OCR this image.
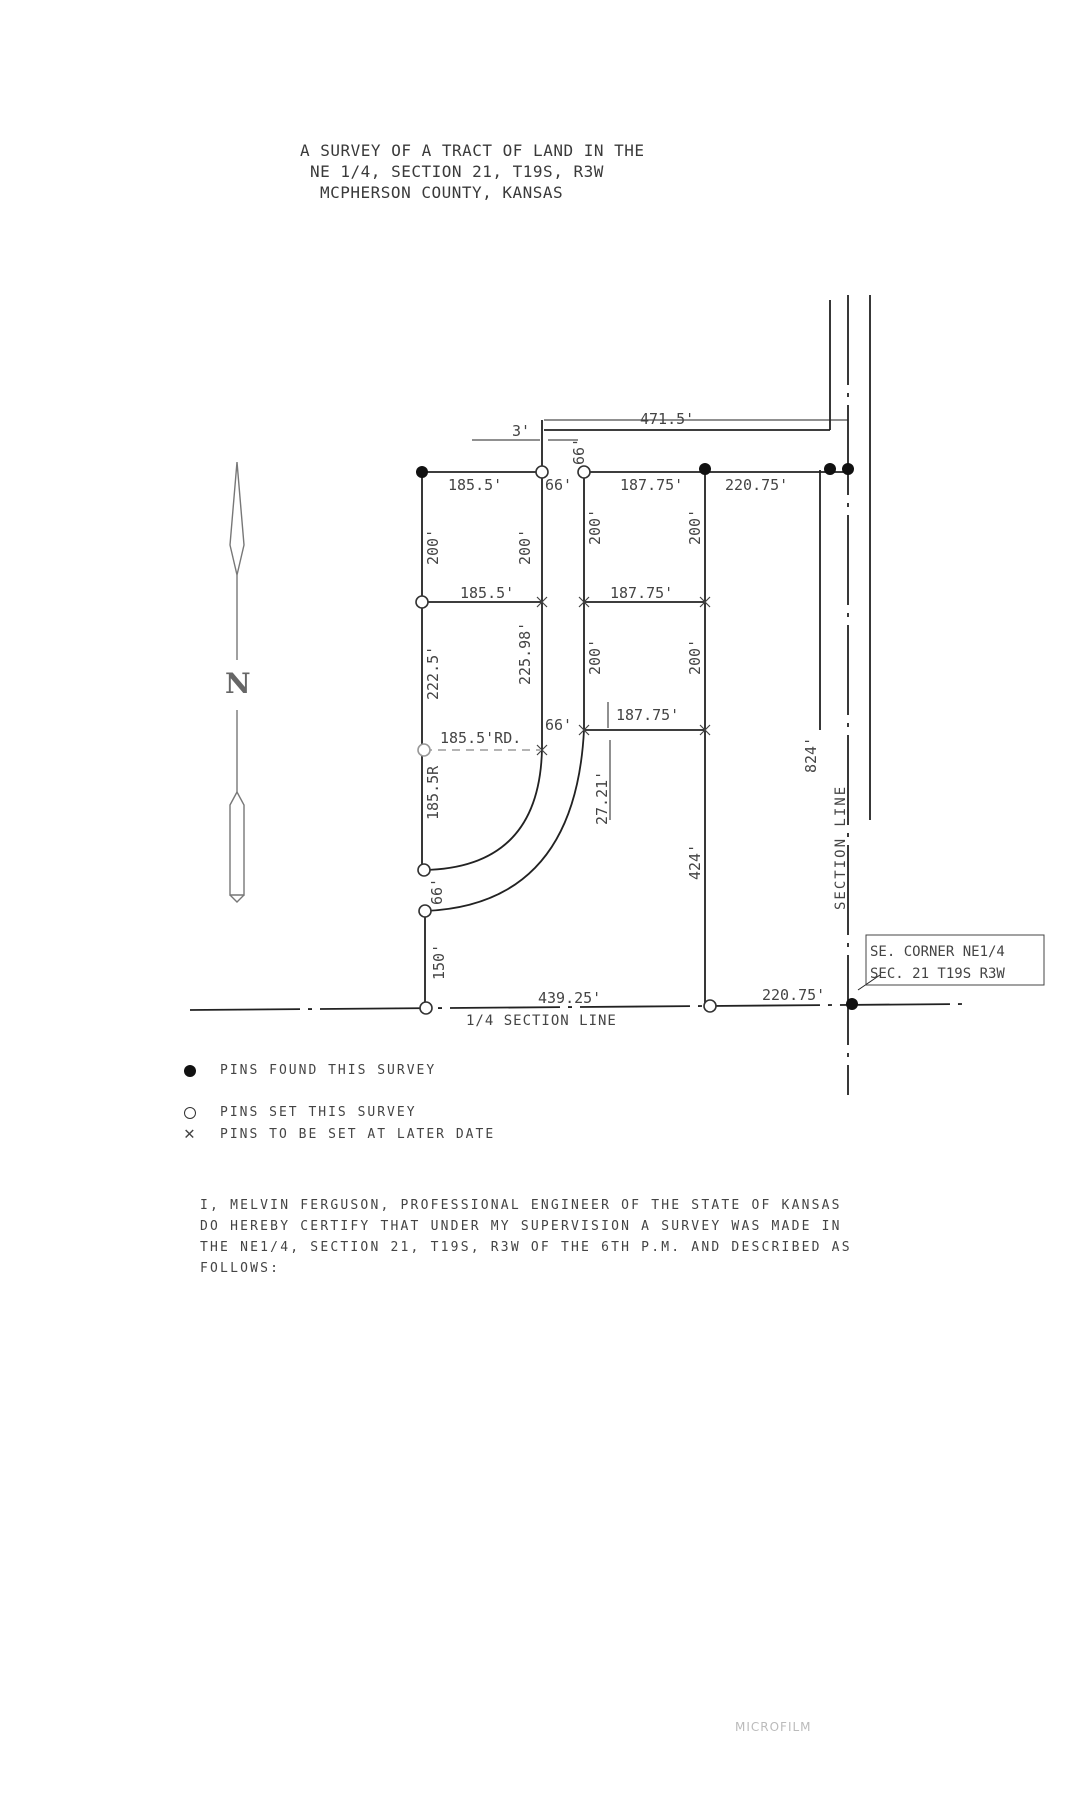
A SURVEY OF A TRACT OF LAND IN THE
NE 1/4, SECTION 21, T19S, R3W
MCPHERSON COUNTY, KANSAS
N
471.5'
3'
185.5'	66'	187.75'	220.75'
185.5'	187.75'
66'
187.75'
185.5'RD.
439.25'	220.75'
1/4 SECTION LINE
SE. CORNER NE1/4
SEC. 21 T19S R3W
66'
200'	200'
200'	200'
222.5'	225.98'	200'	200'
27.21'
185.5R
824'
424'
66'
150'
SECTION LINE
PINS FOUND THIS SURVEY
PINS SET THIS SURVEY
✕ PINS TO BE SET AT LATER DATE
I, MELVIN FERGUSON, PROFESSIONAL ENGINEER OF THE STATE OF KANSAS
DO HEREBY CERTIFY THAT UNDER MY SUPERVISION A SURVEY WAS MADE IN
THE NE1/4, SECTION 21, T19S, R3W OF THE 6TH P.M. AND DESCRIBED AS
FOLLOWS:
MICROFILM
